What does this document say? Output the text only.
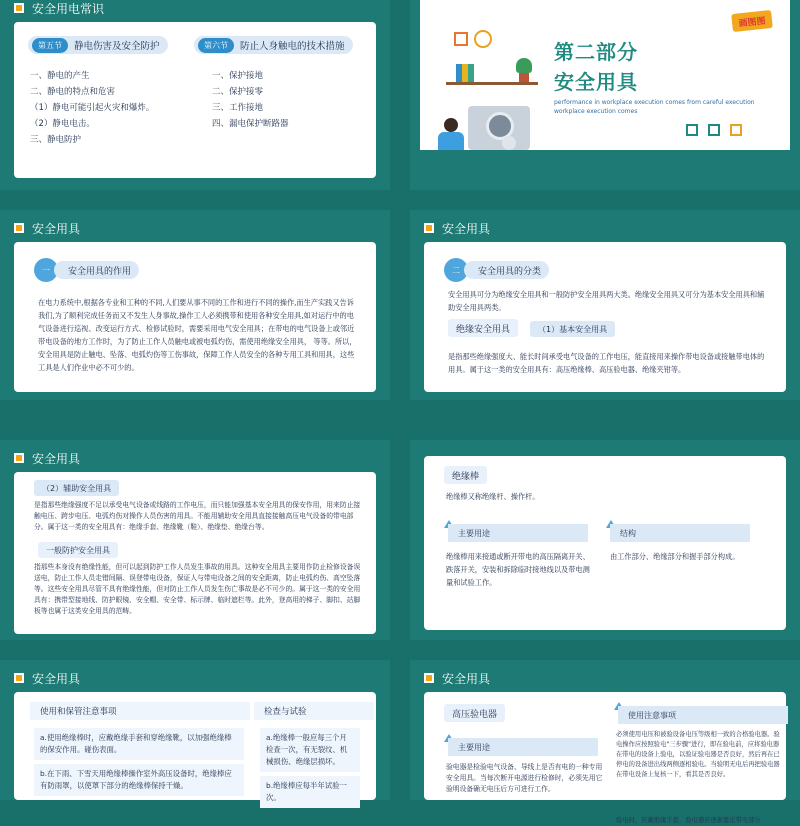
安全用电常识
第五节	静电伤害及安全防护	第六节	防止人身触电的技术措施
一、静电的产生
二、静电的特点和危害
（1）静电可能引起火灾和爆炸。
（2）静电电击。
三、静电防护
一、保护接地
二、保护接零
三、工作接地
四、漏电保护断路器
第二部分
安全用具
performance in workplace execution comes from careful execution
workplace execution comes
画图图
安全用具
一	安全用具的作用
在电力系统中,根据各专业和工种的不同,人们要从事不同的工作和进行不同的操作,而生产实践又告诉我们,为了顺利完成任务而又不发生人身事故,操作工人必须携带和使用各种安全用具,如对运行中的电气设备进行巡视、改变运行方式、检修试验时，需要采用电气安全用具；在带电的电气设备上或邻近带电设备的地方工作时，为了防止工作人员触电或被电弧灼伤，需使用绝缘安全用具， 等等。所以，安全用具是防止触电、坠落、电弧灼伤等工伤事故，保障工作人员安全的各种专用工具和用具，这些工具是人们作业中必不可少的。
安全用具
二	安全用具的分类
安全用具可分为绝缘安全用具和一般防护安全用具两大类。绝缘安全用具又可分为基本安全用具和辅助安全用具两类。
绝缘安全用具	（1）基本安全用具
是指那些绝缘强度大、能长时间承受电气设备的工作电压，能直接用来操作带电设备或接触带电体的用具。属于这一类的安全用具有：高压绝缘棒、高压验电器、绝缘夹钳等。
安全用具
（2）辅助安全用具
是指那些绝缘强度不足以承受电气设备或线路的工作电压，而只能加强基本安全用具的保安作用，用来防止接触电压、跨步电压、电弧灼伤对操作人员伤害的用具。不能用辅助安全用具直接接触高压电气设备的带电部分。属于这一类的安全用具有：绝缘手套、绝缘靴（鞋）、绝缘垫、绝缘台等。
一般防护安全用具
指那些本身没有绝缘性能，但可以起到防护工作人员发生事故的用具。这种安全用具主要用作防止检修设备误送电，防止工作人员走错间隔、误登带电设备，保证人与带电设备之间的安全距离，防止电弧灼伤、高空坠落等。这些安全用具尽管不具有绝缘性能，但对防止工作人员发生伤亡事故是必不可少的。属于这一类的安全用具有：携带型接地线、防护眼镜、安全帽、安全带、标示牌、临时遮栏等。此外，登高用的梯子、脚扣、站脚板等也属于这类安全用具的范畴。
绝缘棒
绝缘棒又称绝缘杆、操作杆。
主要用途	结构
绝缘棒用来接通或断开带电的高压隔离开关、跌落开关，安装和拆除临时接地线以及带电测量和试验工作。
由工作部分、绝缘部分和握手部分构成。
安全用具
使用和保管注意事项	检查与试验
a.使用绝缘棒时，应戴绝缘手套和穿绝缘靴，以加强绝缘棒的保安作用。碰伤表面。
b.在下雨、下雪天用绝缘棒操作室外高压设备时，绝缘棒应有防雨罩，以使罩下部分的绝缘棒保持干燥。
a.绝缘棒一般应每三个月检查一次，有无裂纹、机械损伤、绝缘层损坏。
b.绝缘棒应每半年试验一次。
安全用具
高压验电器
主要用途
使用注意事项
验电器是检验电气设备、导线上是否有电的一种专用安全用具。当每次断开电源进行检修时，必须先用它验明设备确无电压后方可进行工作。
必须使用电压和被验设备电压等级相一致的合格验电器。验电操作应按照验电"三步骤"进行，即在验电前，应将验电器在带电的设备上验电，以验证验电器是否良好，然后再在已停电的设备进出线两侧逐相验电。当验明无电后再把验电器在带电设备上复核一下，看其是否良好。
验电时，应戴绝缘手套，验电器应逐渐靠近带电部分
